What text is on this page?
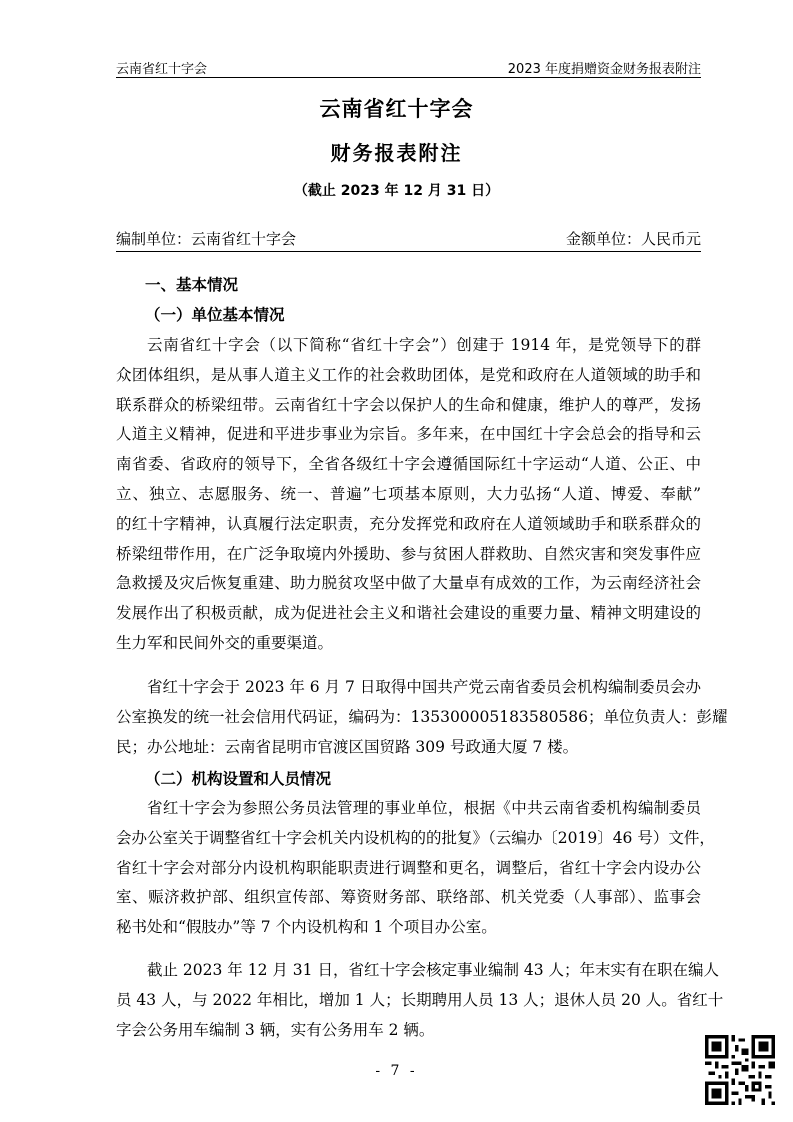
云南省红十字会	2023 年度捐赠资金财务报表附注
云南省红十字会
财务报表附注
（截止 2023 年 12 月 31 日）
编制单位：云南省红十字会	金额单位：人民币元
一、基本情况
（一）单位基本情况
云南省红十字会（以下简称“省红十字会”）创建于 1914 年，是党领导下的群
众团体组织，是从事人道主义工作的社会救助团体，是党和政府在人道领域的助手和
联系群众的桥梁纽带。云南省红十字会以保护人的生命和健康，维护人的尊严，发扬
人道主义精神，促进和平进步事业为宗旨。多年来，在中国红十字会总会的指导和云
南省委、省政府的领导下，全省各级红十字会遵循国际红十字运动“人道、公正、中
立、独立、志愿服务、统一、普遍”七项基本原则，大力弘扬“人道、博爱、奉献”
的红十字精神，认真履行法定职责，充分发挥党和政府在人道领域助手和联系群众的
桥梁纽带作用，在广泛争取境内外援助、参与贫困人群救助、自然灾害和突发事件应
急救援及灾后恢复重建、助力脱贫攻坚中做了大量卓有成效的工作，为云南经济社会
发展作出了积极贡献，成为促进社会主义和谐社会建设的重要力量、精神文明建设的
生力军和民间外交的重要渠道。
省红十字会于 2023 年 6 月 7 日取得中国共产党云南省委员会机构编制委员会办
公室换发的统一社会信用代码证，编码为：135300005183580586；单位负责人：彭耀
民；办公地址：云南省昆明市官渡区国贸路 309 号政通大厦 7 楼。
（二）机构设置和人员情况
省红十字会为参照公务员法管理的事业单位，根据《中共云南省委机构编制委员
会办公室关于调整省红十字会机关内设机构的的批复》（云编办〔2019〕46 号）文件，
省红十字会对部分内设机构职能职责进行调整和更名，调整后，省红十字会内设办公
室、赈济救护部、组织宣传部、筹资财务部、联络部、机关党委（人事部）、监事会
秘书处和“假肢办”等 7 个内设机构和 1 个项目办公室。
截止 2023 年 12 月 31 日，省红十字会核定事业编制 43 人；年末实有在职在编人
员 43 人，与 2022 年相比，增加 1 人；长期聘用人员 13 人；退休人员 20 人。省红十
字会公务用车编制 3 辆，实有公务用车 2 辆。
- 7 -
